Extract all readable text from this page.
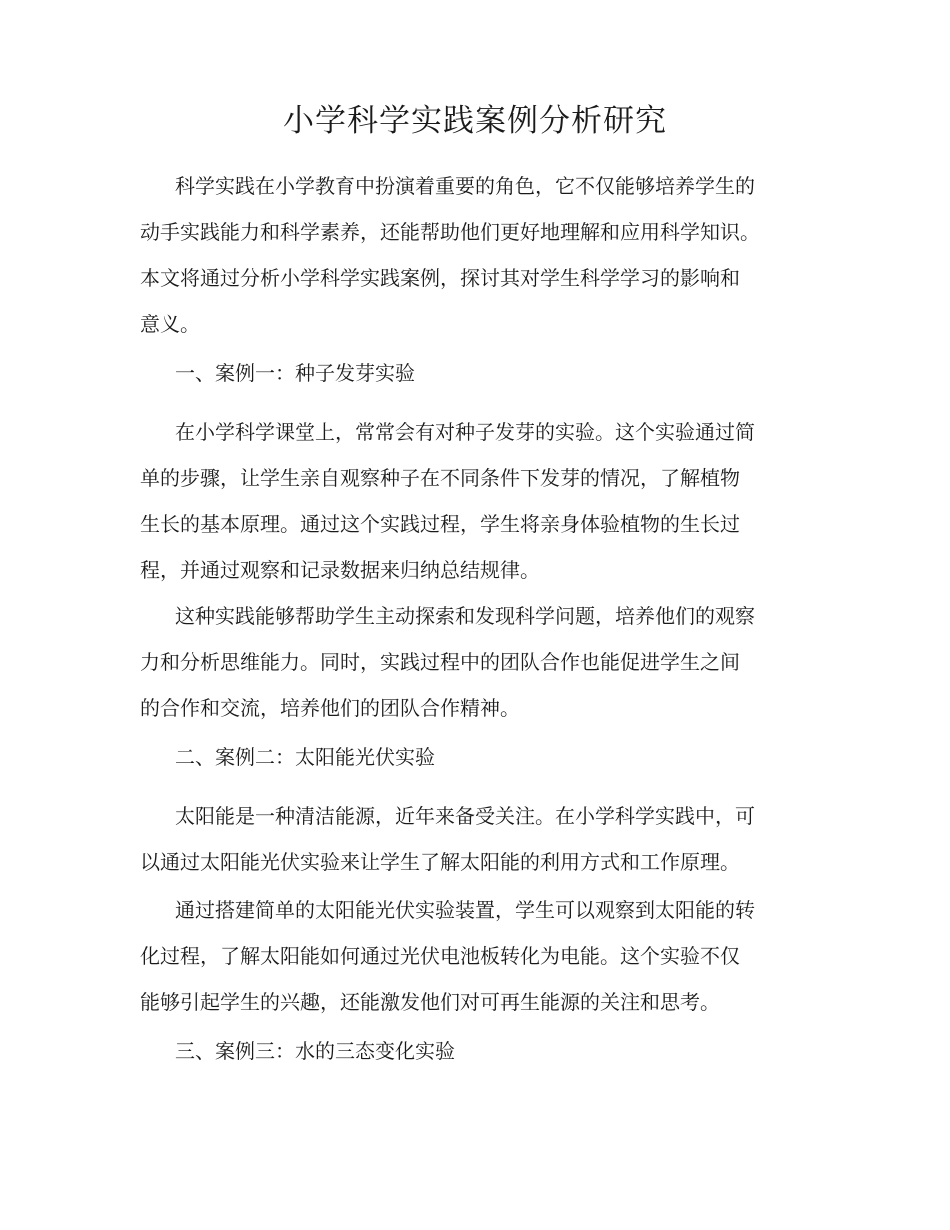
小学科学实践案例分析研究

科学实践在小学教育中扮演着重要的角色，它不仅能够培养学生的
动手实践能力和科学素养，还能帮助他们更好地理解和应用科学知识。
本文将通过分析小学科学实践案例，探讨其对学生科学学习的影响和
意义。

一、案例一：种子发芽实验

在小学科学课堂上，常常会有对种子发芽的实验。这个实验通过简
单的步骤，让学生亲自观察种子在不同条件下发芽的情况，了解植物
生长的基本原理。通过这个实践过程，学生将亲身体验植物的生长过
程，并通过观察和记录数据来归纳总结规律。

这种实践能够帮助学生主动探索和发现科学问题，培养他们的观察
力和分析思维能力。同时，实践过程中的团队合作也能促进学生之间
的合作和交流，培养他们的团队合作精神。

二、案例二：太阳能光伏实验

太阳能是一种清洁能源，近年来备受关注。在小学科学实践中，可
以通过太阳能光伏实验来让学生了解太阳能的利用方式和工作原理。

通过搭建简单的太阳能光伏实验装置，学生可以观察到太阳能的转
化过程，了解太阳能如何通过光伏电池板转化为电能。这个实验不仅
能够引起学生的兴趣，还能激发他们对可再生能源的关注和思考。

三、案例三：水的三态变化实验
